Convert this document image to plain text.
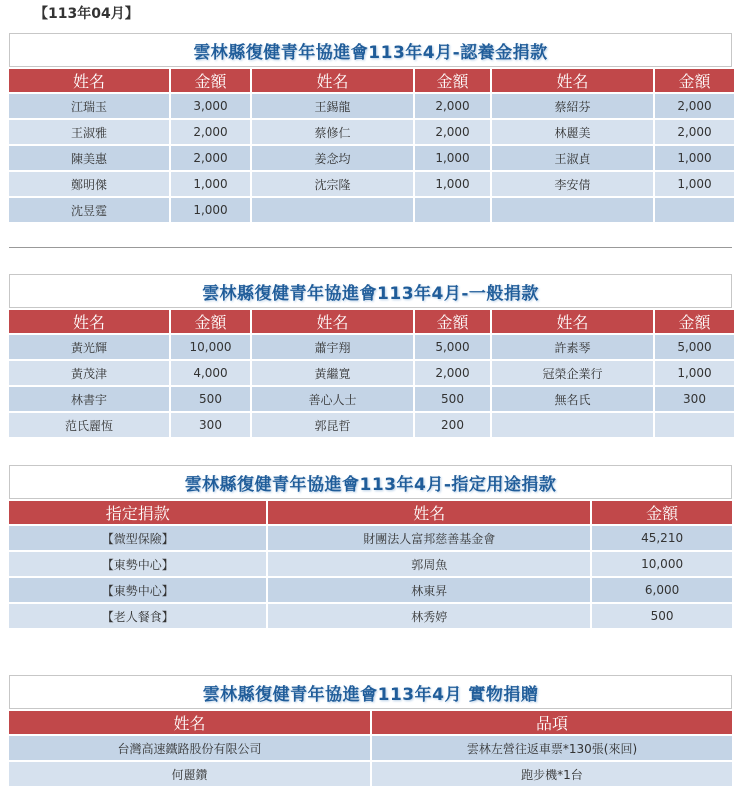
【113年04月】
雲林縣復健青年協進會113年4月-認養金捐款
姓名	金額	姓名	金額	姓名	金額
江瑞玉	3,000	王錫龍	2,000	蔡紹芬	2,000
王淑雅	2,000	蔡修仁	2,000	林麗美	2,000
陳美惠	2,000	姜念均	1,000	王淑貞	1,000
鄭明傑	1,000	沈宗隆	1,000	李安倩	1,000
沈昱霆	1,000				
雲林縣復健青年協進會113年4月-一般捐款
姓名	金額	姓名	金額	姓名	金額
黃光輝	10,000	蕭宇翔	5,000	許素琴	5,000
黃茂津	4,000	黃繼寬	2,000	冠榮企業行	1,000
林書宇	500	善心人士	500	無名氏	300
范氏麗恆	300	郭昆哲	200		
雲林縣復健青年協進會113年4月-指定用途捐款
指定捐款	姓名	金額
【微型保險】	財團法人富邦慈善基金會	45,210
【東勢中心】	郭周魚	10,000
【東勢中心】	林東昇	6,000
【老人餐食】	林秀婷	500
雲林縣復健青年協進會113年4月 實物捐贈
姓名	品項
台灣高速鐵路股份有限公司	雲林左營往返車票*130張(來回)
何麗鑽	跑步機*1台
